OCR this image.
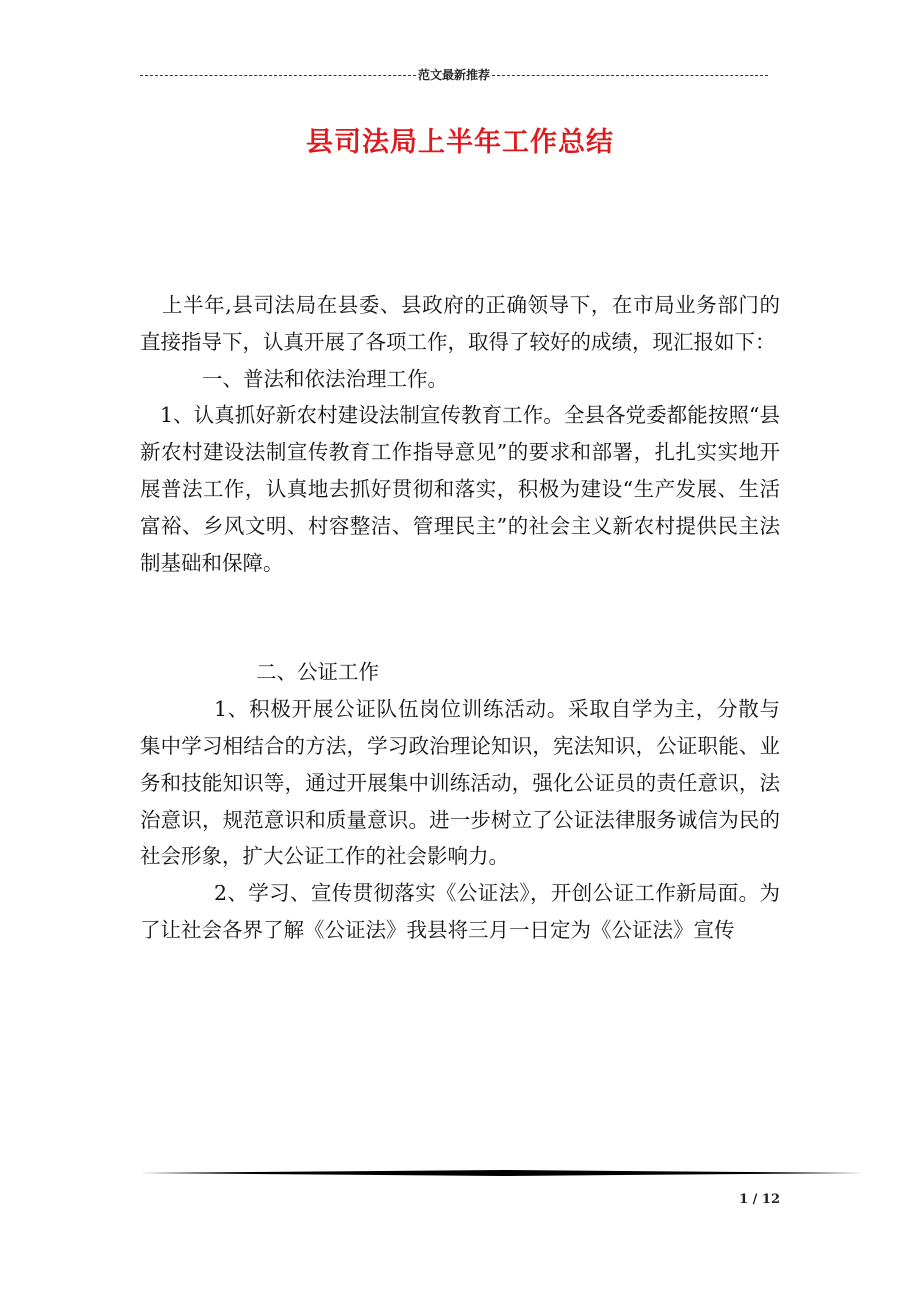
范文最新推荐
县司法局上半年工作总结

上半年,县司法局在县委、县政府的正确领导下，在市局业务部门的直接指导下，认真开展了各项工作，取得了较好的成绩，现汇报如下：

一、普法和依法治理工作。

1、认真抓好新农村建设法制宣传教育工作。全县各党委都能按照“县新农村建设法制宣传教育工作指导意见”的要求和部署，扎扎实实地开展普法工作，认真地去抓好贯彻和落实，积极为建设“生产发展、生活富裕、乡风文明、村容整洁、管理民主”的社会主义新农村提供民主法制基础和保障。

二、公证工作

1、积极开展公证队伍岗位训练活动。采取自学为主，分散与集中学习相结合的方法，学习政治理论知识，宪法知识，公证职能、业务和技能知识等，通过开展集中训练活动，强化公证员的责任意识，法治意识，规范意识和质量意识。进一步树立了公证法律服务诚信为民的社会形象，扩大公证工作的社会影响力。

2、学习、宣传贯彻落实《公证法》，开创公证工作新局面。为了让社会各界了解《公证法》我县将三月一日定为《公证法》宣传

1 / 12
